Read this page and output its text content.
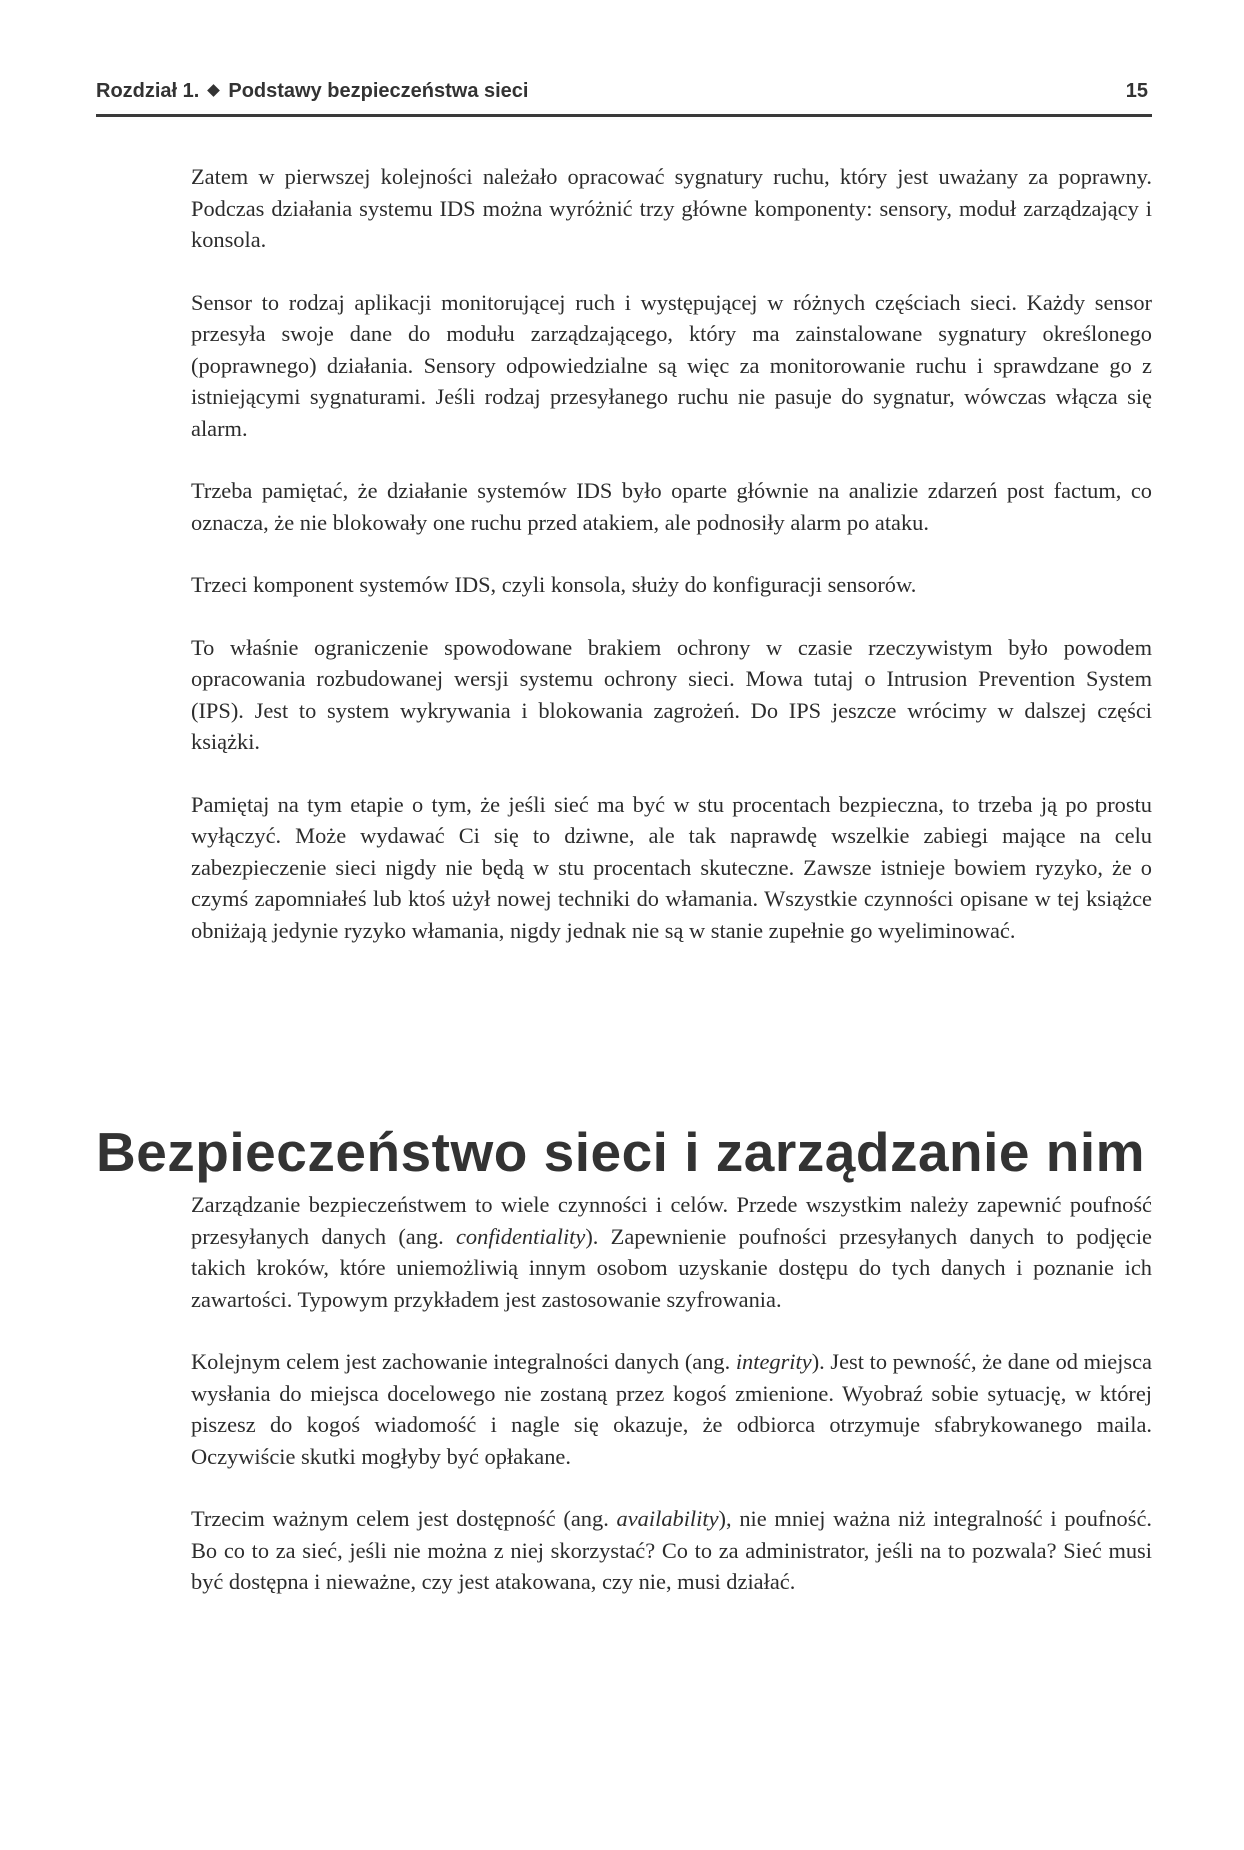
Rozdział 1. Podstawy bezpieczeństwa sieci	15

Zatem w pierwszej kolejności należało opracować sygnatury ruchu, który jest uważany za poprawny. Podczas działania systemu IDS można wyróżnić trzy główne komponenty: sensory, moduł zarządzający i konsola.

Sensor to rodzaj aplikacji monitorującej ruch i występującej w różnych częściach sieci. Każdy sensor przesyła swoje dane do modułu zarządzającego, który ma zainstalowane sygnatury określonego (poprawnego) działania. Sensory odpowiedzialne są więc za monitorowanie ruchu i sprawdzane go z istniejącymi sygnaturami. Jeśli rodzaj przesyłanego ruchu nie pasuje do sygnatur, wówczas włącza się alarm.

Trzeba pamiętać, że działanie systemów IDS było oparte głównie na analizie zdarzeń post factum, co oznacza, że nie blokowały one ruchu przed atakiem, ale podnosiły alarm po ataku.

Trzeci komponent systemów IDS, czyli konsola, służy do konfiguracji sensorów.

To właśnie ograniczenie spowodowane brakiem ochrony w czasie rzeczywistym było powodem opracowania rozbudowanej wersji systemu ochrony sieci. Mowa tutaj o Intrusion Prevention System (IPS). Jest to system wykrywania i blokowania zagrożeń. Do IPS jeszcze wrócimy w dalszej części książki.

Pamiętaj na tym etapie o tym, że jeśli sieć ma być w stu procentach bezpieczna, to trzeba ją po prostu wyłączyć. Może wydawać Ci się to dziwne, ale tak naprawdę wszelkie zabiegi mające na celu zabezpieczenie sieci nigdy nie będą w stu procentach skuteczne. Zawsze istnieje bowiem ryzyko, że o czymś zapomniałeś lub ktoś użył nowej techniki do włamania. Wszystkie czynności opisane w tej książce obniżają jedynie ryzyko włamania, nigdy jednak nie są w stanie zupełnie go wyeliminować.

Bezpieczeństwo sieci i zarządzanie nim

Zarządzanie bezpieczeństwem to wiele czynności i celów. Przede wszystkim należy zapewnić poufność przesyłanych danych (ang. confidentiality). Zapewnienie poufności przesyłanych danych to podjęcie takich kroków, które uniemożliwią innym osobom uzyskanie dostępu do tych danych i poznanie ich zawartości. Typowym przykładem jest zastosowanie szyfrowania.

Kolejnym celem jest zachowanie integralności danych (ang. integrity). Jest to pewność, że dane od miejsca wysłania do miejsca docelowego nie zostaną przez kogoś zmienione. Wyobraź sobie sytuację, w której piszesz do kogoś wiadomość i nagle się okazuje, że odbiorca otrzymuje sfabrykowanego maila. Oczywiście skutki mogłyby być opłakane.

Trzecim ważnym celem jest dostępność (ang. availability), nie mniej ważna niż integralność i poufność. Bo co to za sieć, jeśli nie można z niej skorzystać? Co to za administrator, jeśli na to pozwala? Sieć musi być dostępna i nieważne, czy jest atakowana, czy nie, musi działać.
